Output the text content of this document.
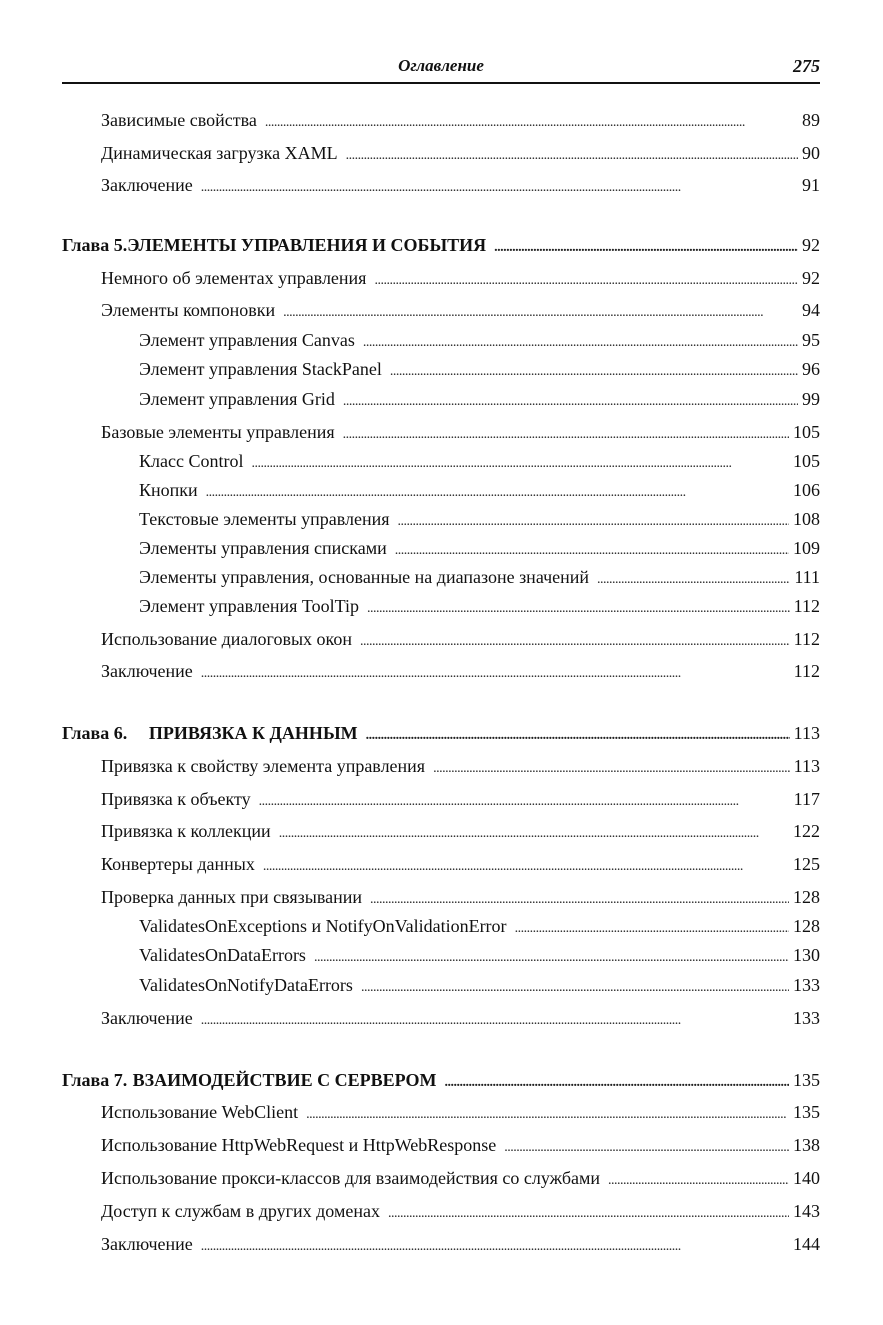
Оглавление	275
Зависимые свойства . . .	89
Динамическая загрузка XAML . . .	90
Заключение . . .	91
Глава 5. ЭЛЕМЕНТЫ УПРАВЛЕНИЯ И СОБЫТИЯ . . .	92
Немного об элементах управления . . .	92
Элементы компоновки . . .	94
Элемент управления Canvas . . .	95
Элемент управления StackPanel . . .	96
Элемент управления Grid . . .	99
Базовые элементы управления . . .	105
Класс Control . . .	105
Кнопки . . .	106
Текстовые элементы управления . . .	108
Элементы управления списками . . .	109
Элементы управления, основанные на диапазоне значений . . .	111
Элемент управления ToolTip . . .	112
Использование диалоговых окон . . .	112
Заключение . . .	112
Глава 6.	ПРИВЯЗКА К ДАННЫМ . . .	113
Привязка к свойству элемента управления . . .	113
Привязка к объекту . . .	117
Привязка к коллекции . . .	122
Конвертеры данных . . .	125
Проверка данных при связывании . . .	128
ValidatesOnExceptions и NotifyOnValidationError . . .	128
ValidatesOnDataErrors . . .	130
ValidatesOnNotifyDataErrors . . .	133
Заключение . . .	133
Глава 7. ВЗАИМОДЕЙСТВИЕ С СЕРВЕРОМ . . .	135
Использование WebClient . . .	135
Использование HttpWebRequest и HttpWebResponse . . .	138
Использование прокси-классов для взаимодействия со службами . . .	140
Доступ к службам в других доменах . . .	143
Заключение . . .	144
